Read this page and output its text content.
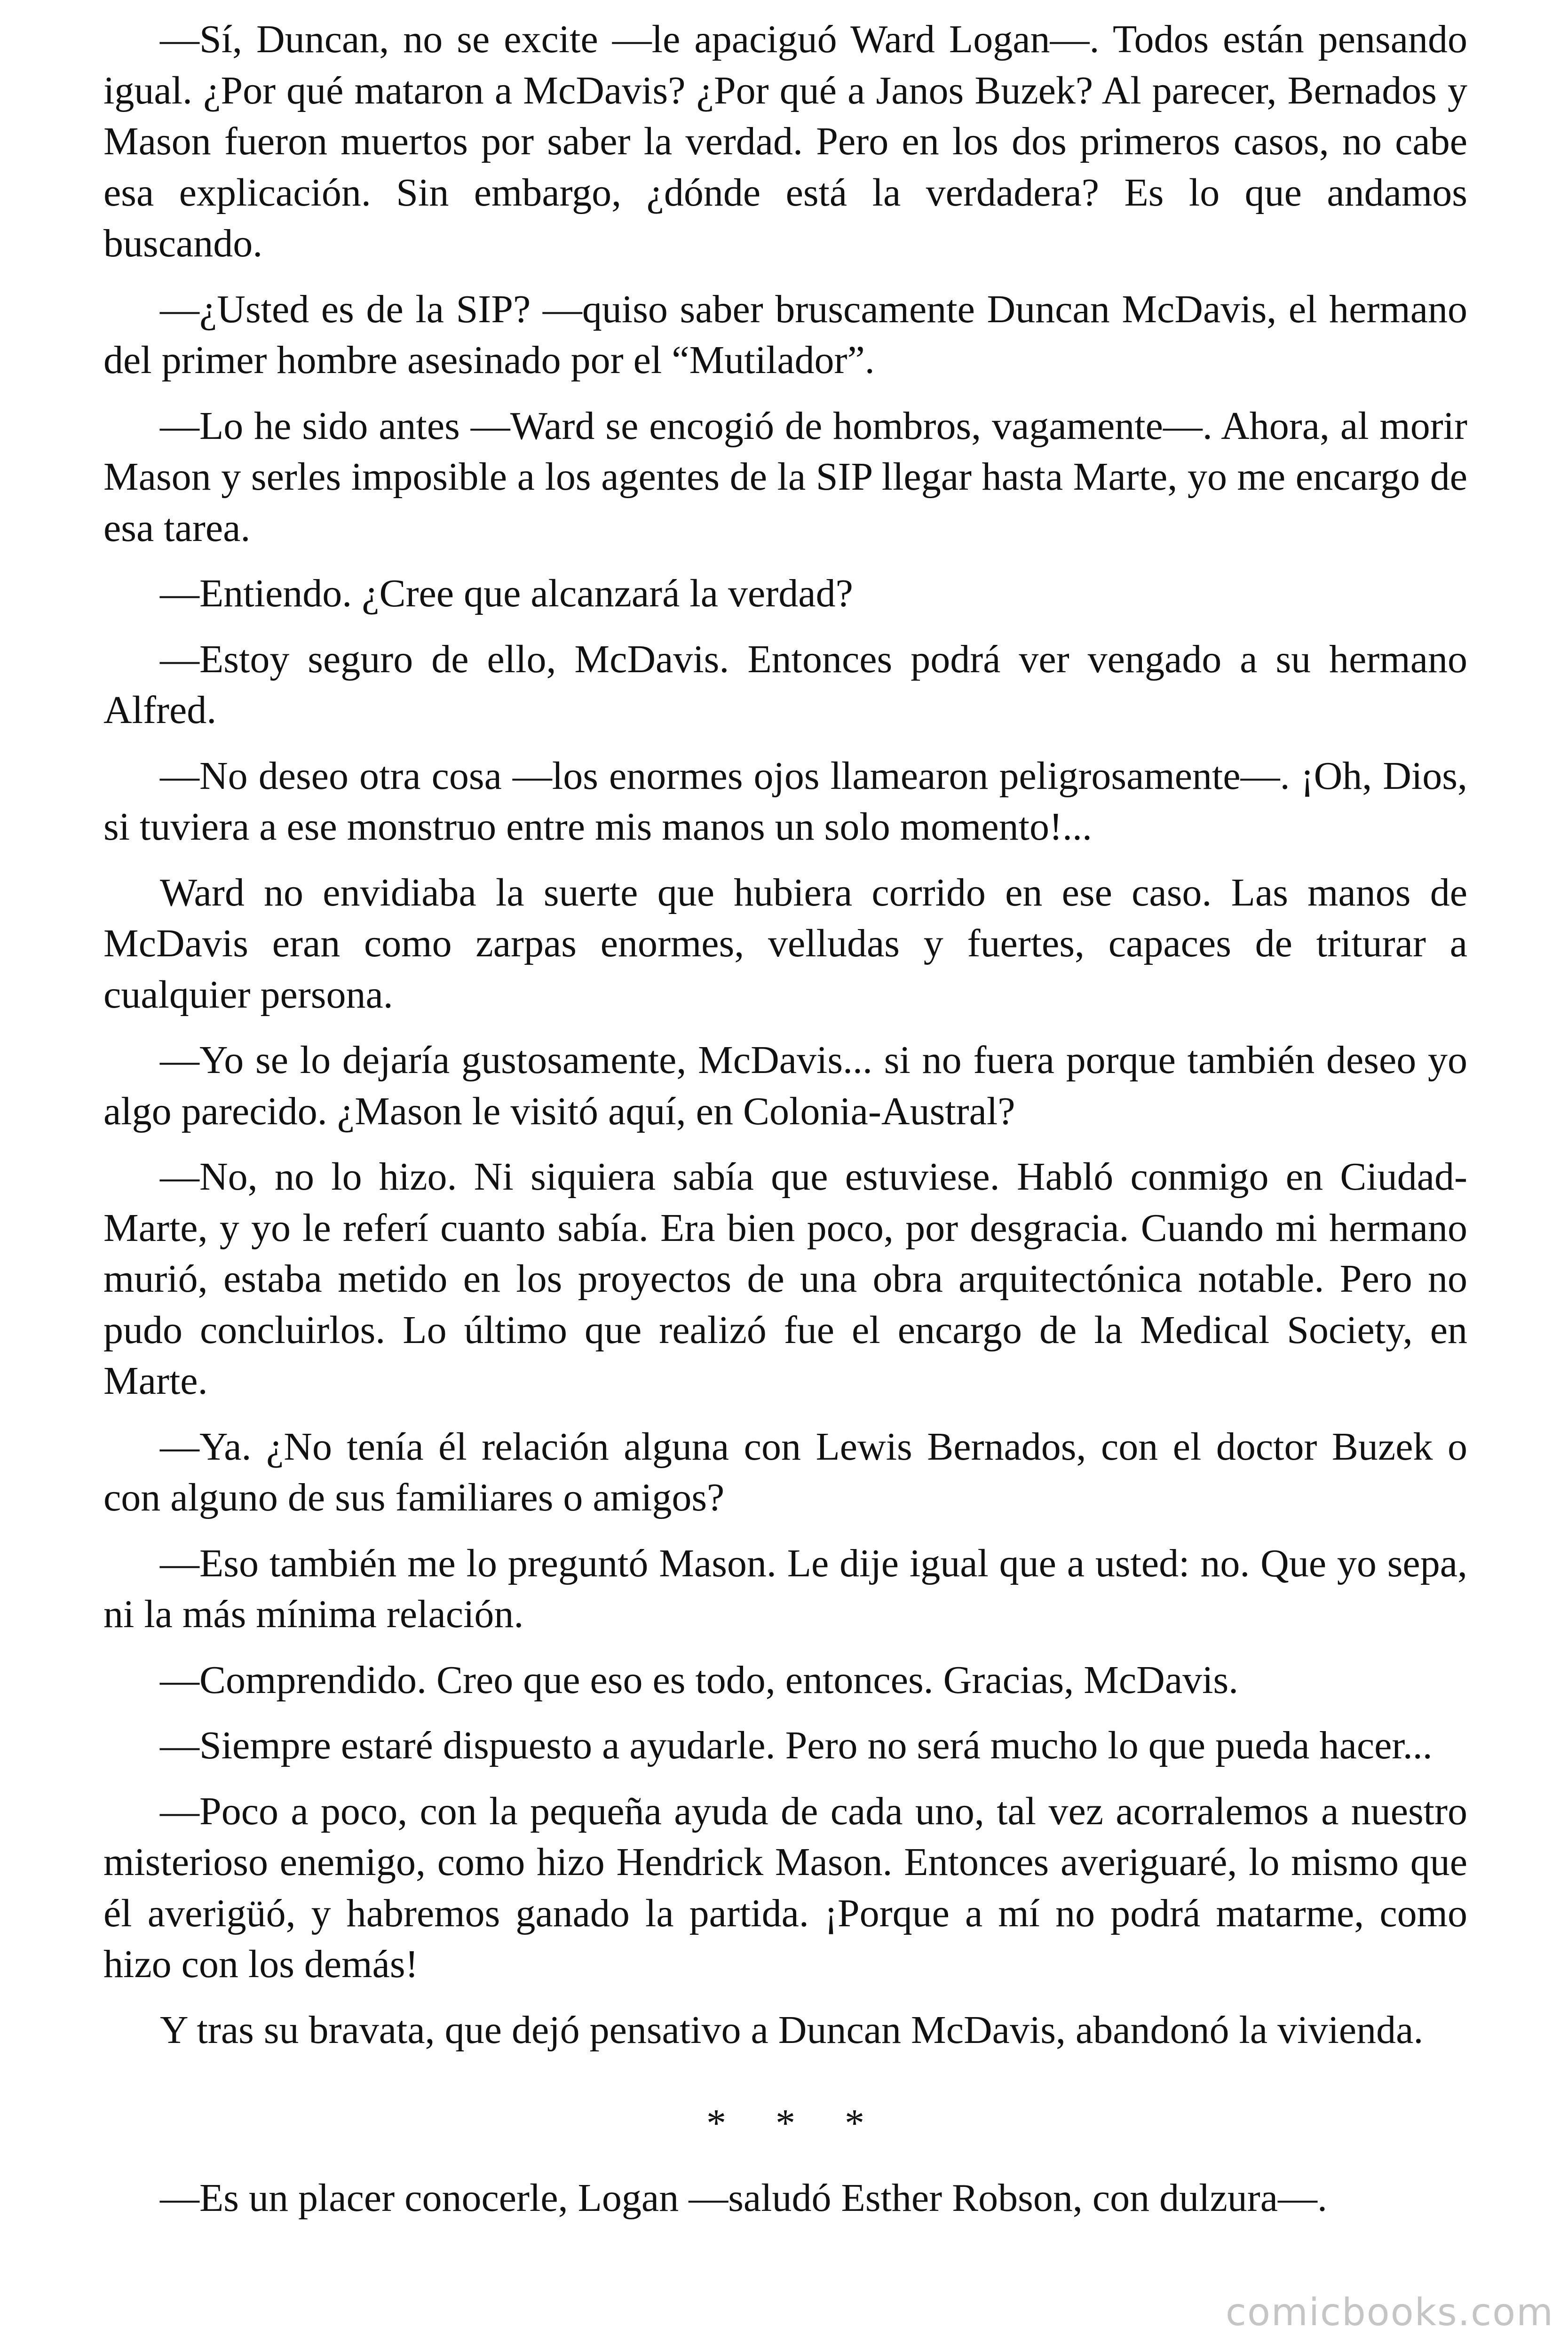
—Sí, Duncan, no se excite —le apaciguó Ward Logan—. Todos están pensando igual. ¿Por qué mataron a McDavis? ¿Por qué a Janos Buzek? Al parecer, Bernados y Mason fueron muertos por saber la verdad. Pero en los dos primeros casos, no cabe esa explicación. Sin embargo, ¿dónde está la verdadera? Es lo que andamos buscando.

—¿Usted es de la SIP? —quiso saber bruscamente Duncan McDavis, el hermano del primer hombre asesinado por el “Mutilador”.

—Lo he sido antes —Ward se encogió de hombros, vagamente—. Ahora, al morir Mason y serles imposible a los agentes de la SIP llegar hasta Marte, yo me encargo de esa tarea.

—Entiendo. ¿Cree que alcanzará la verdad?

—Estoy seguro de ello, McDavis. Entonces podrá ver vengado a su hermano Alfred.

—No deseo otra cosa —los enormes ojos llamearon peligrosamente—. ¡Oh, Dios, si tuviera a ese monstruo entre mis manos un solo momento!...

Ward no envidiaba la suerte que hubiera corrido en ese caso. Las manos de McDavis eran como zarpas enormes, velludas y fuertes, capaces de triturar a cualquier persona.

—Yo se lo dejaría gustosamente, McDavis... si no fuera porque también deseo yo algo parecido. ¿Mason le visitó aquí, en Colonia-Austral?

—No, no lo hizo. Ni siquiera sabía que estuviese. Habló conmigo en Ciudad-Marte, y yo le referí cuanto sabía. Era bien poco, por desgracia. Cuando mi hermano murió, estaba metido en los proyectos de una obra arquitectónica notable. Pero no pudo concluirlos. Lo último que realizó fue el encargo de la Medical Society, en Marte.

—Ya. ¿No tenía él relación alguna con Lewis Bernados, con el doctor Buzek o con alguno de sus familiares o amigos?

—Eso también me lo preguntó Mason. Le dije igual que a usted: no. Que yo sepa, ni la más mínima relación.

—Comprendido. Creo que eso es todo, entonces. Gracias, McDavis.

—Siempre estaré dispuesto a ayudarle. Pero no será mucho lo que pueda hacer...

—Poco a poco, con la pequeña ayuda de cada uno, tal vez acorralemos a nuestro misterioso enemigo, como hizo Hendrick Mason. Entonces averiguaré, lo mismo que él averigüó, y habremos ganado la partida. ¡Porque a mí no podrá matarme, como hizo con los demás!

Y tras su bravata, que dejó pensativo a Duncan McDavis, abandonó la vivienda.

*     *     *

—Es un placer conocerle, Logan —saludó Esther Robson, con dulzura—.

comicbooks.com
